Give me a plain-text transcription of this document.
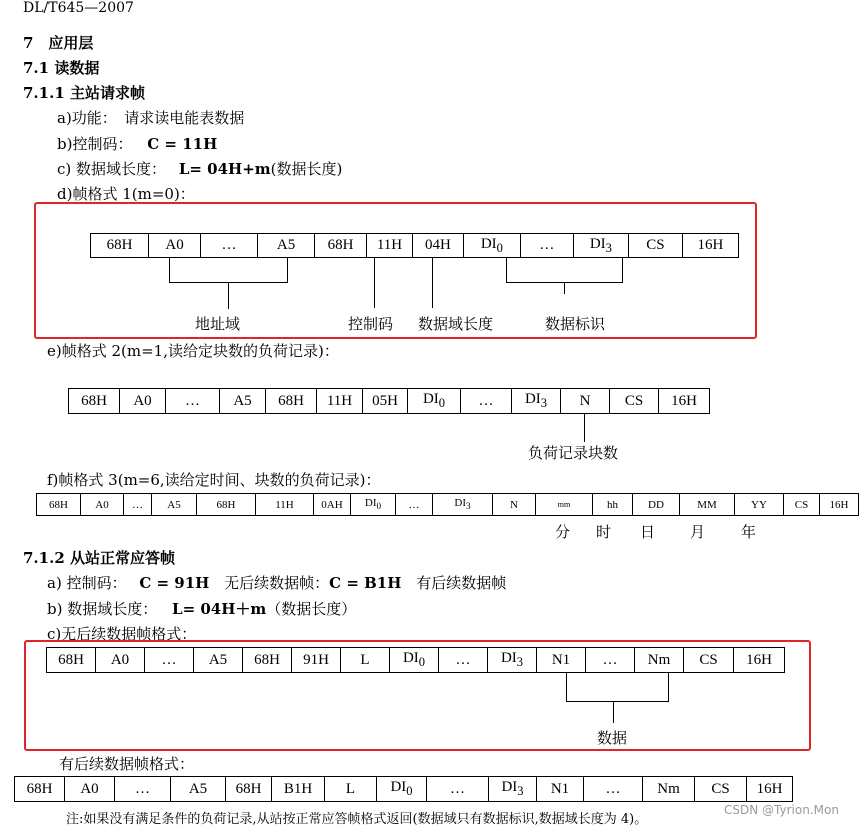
DL/T645—2007
7　应用层
7.1 读数据
7.1.1 主站请求帧
a)功能：　请求读电能表数据
b)控制码： C = 11H
c) 数据域长度： L= 04H+m(数据长度)
d)帧格式 1(m=0)：
68H	A0	…	A5	68H	11H	04H	$DI_0$	…	$DI_3$	CS	16H
地址域	控制码 数据域长度	数据标识
e)帧格式 2(m=1,读给定块数的负荷记录)：
68H	A0	…	A5	68H	11H	05H	$DI_0$	…	$DI_3$	N	CS	16H
负荷记录块数
f)帧格式 3(m=6,读给定时间、块数的负荷记录)：
68H	A0	…	A5	68H	11H	0AH	$DI_0$	…	$DI_3$	N	mm	hh	DD	MM	YY	CS	16H
分 时 日 月 年
7.1.2 从站正常应答帧
a) 控制码： C = 91H 无后续数据帧：C = B1H 有后续数据帧
b) 数据域长度： L= 04H＋m（数据长度）
c)无后续数据帧格式：
68H	A0	…	A5	68H	91H	L	$DI_0$	…	$DI_3$	N1	…	Nm	CS	16H
数据
有后续数据帧格式：
68H	A0	…	A5	68H	B1H	L	$DI_0$	…	$DI_3$	N1	…	Nm	CS	16H
注:如果没有满足条件的负荷记录,从站按正常应答帧格式返回(数据域只有数据标识,数据域长度为 4)。
CSDN @Tyrion.Mon
